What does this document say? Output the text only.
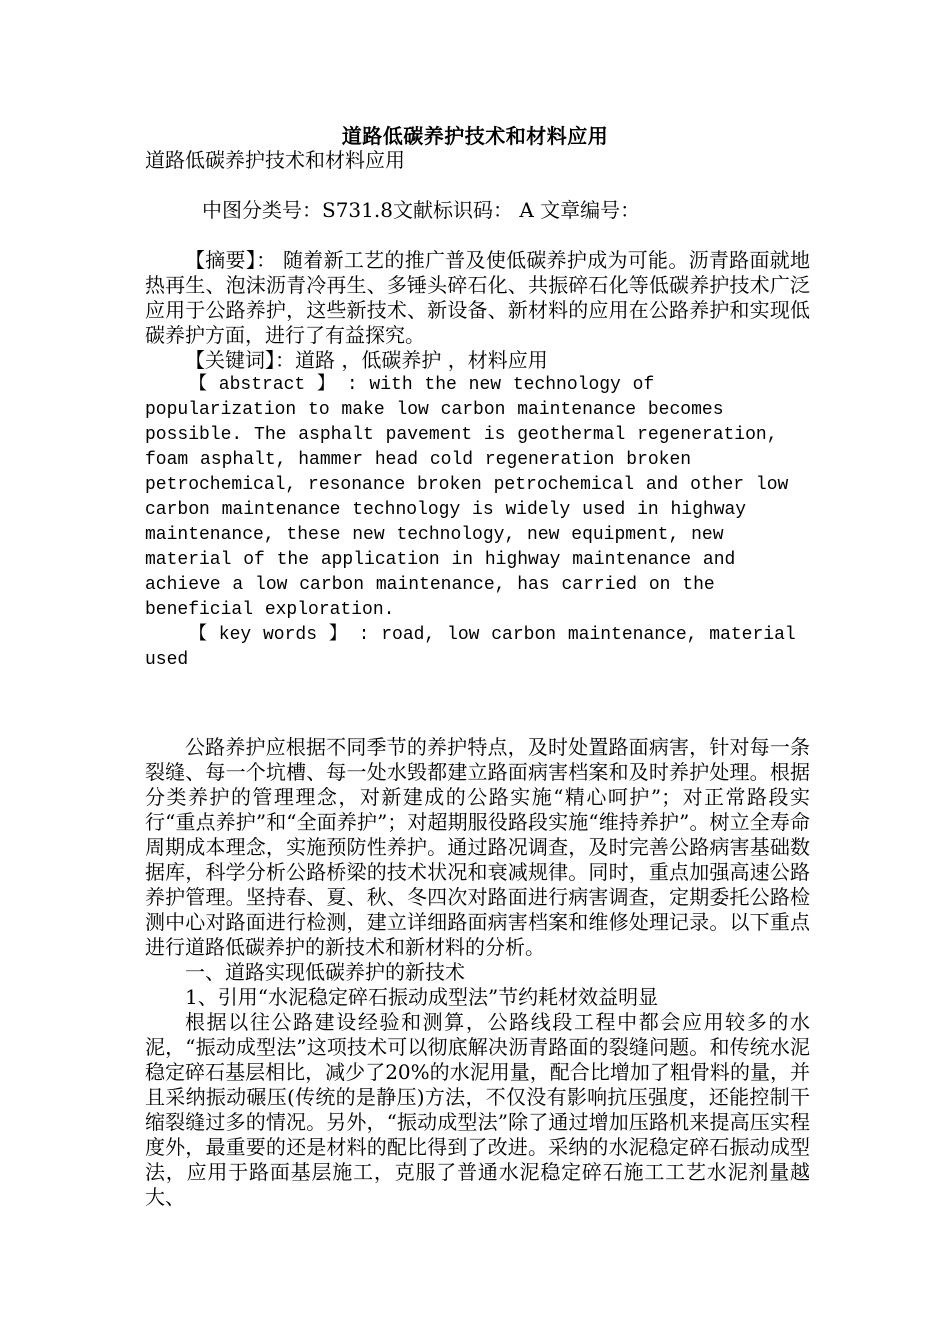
道路低碳养护技术和材料应用

道路低碳养护技术和材料应用

中图分类号：S731.8文献标识码： A 文章编号：

【摘要】： 随着新工艺的推广普及使低碳养护成为可能。沥青路面就地热再生、泡沫沥青冷再生、多锤头碎石化、共振碎石化等低碳养护技术广泛应用于公路养护，这些新技术、新设备、新材料的应用在公路养护和实现低碳养护方面，进行了有益探究。

【关键词】：道路 ，低碳养护 ，材料应用

【 abstract 】 : with the new technology of popularization to make low carbon maintenance becomes possible. The asphalt pavement is geothermal regeneration, foam asphalt, hammer head cold regeneration broken petrochemical, resonance broken petrochemical and other low carbon maintenance technology is widely used in highway maintenance, these new technology, new equipment, new material of the application in highway maintenance and achieve a low carbon maintenance, has carried on the beneficial exploration.

【 key words 】 : road, low carbon maintenance, material used

公路养护应根据不同季节的养护特点，及时处置路面病害，针对每一条裂缝、每一个坑槽、每一处水毁都建立路面病害档案和及时养护处理。根据分类养护的管理理念，对新建成的公路实施“精心呵护”；对正常路段实行“重点养护”和“全面养护”；对超期服役路段实施“维持养护”。树立全寿命周期成本理念，实施预防性养护。通过路况调查，及时完善公路病害基础数据库，科学分析公路桥梁的技术状况和衰减规律。同时，重点加强高速公路养护管理。坚持春、夏、秋、冬四次对路面进行病害调查，定期委托公路检测中心对路面进行检测，建立详细路面病害档案和维修处理记录。以下重点进行道路低碳养护的新技术和新材料的分析。

一、道路实现低碳养护的新技术

1、引用“水泥稳定碎石振动成型法”节约耗材效益明显

根据以往公路建设经验和测算，公路线段工程中都会应用较多的水泥，“振动成型法”这项技术可以彻底解决沥青路面的裂缝问题。和传统水泥稳定碎石基层相比，减少了20%的水泥用量，配合比增加了粗骨料的量，并且采纳振动碾压(传统的是静压)方法，不仅没有影响抗压强度，还能控制干缩裂缝过多的情况。另外，“振动成型法”除了通过增加压路机来提高压实程度外，最重要的还是材料的配比得到了改进。采纳的水泥稳定碎石振动成型法，应用于路面基层施工，克服了普通水泥稳定碎石施工工艺水泥剂量越大、
